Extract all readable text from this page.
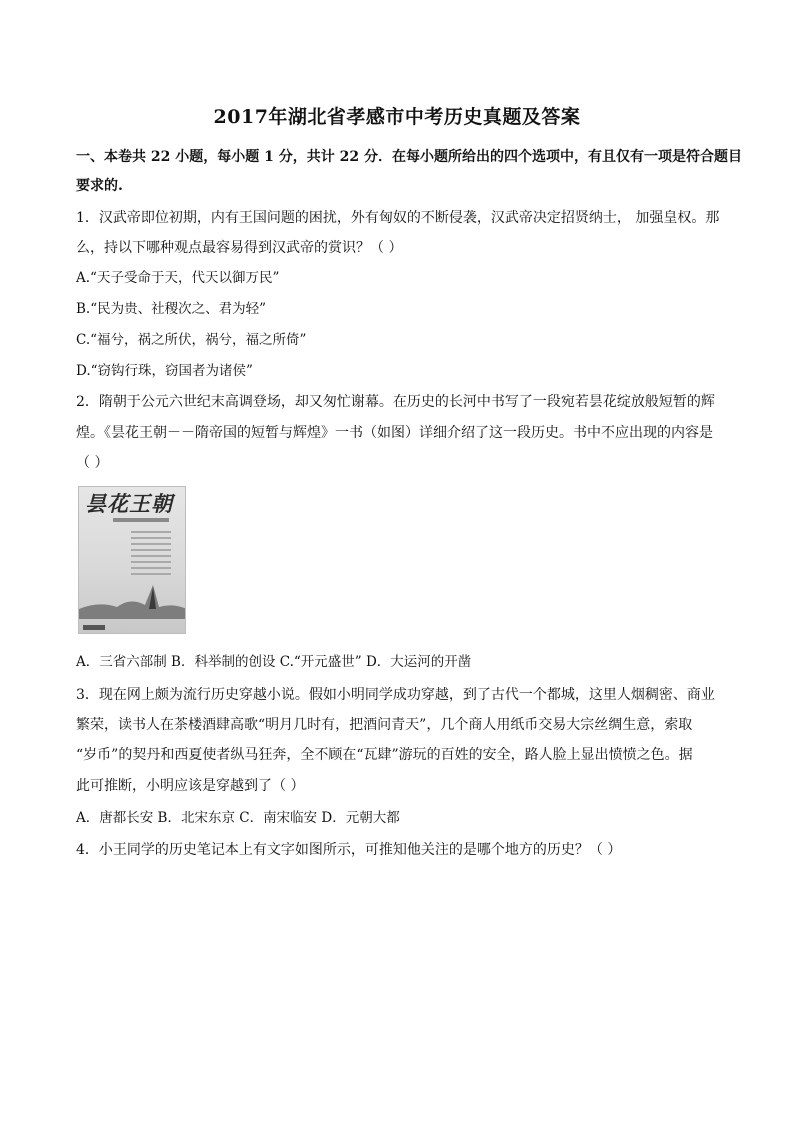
2017年湖北省孝感市中考历史真题及答案
一、本卷共 22 小题，每小题 1 分，共计 22 分．在每小题所给出的四个选项中，有且仅有一项是符合题目
要求的.
1．汉武帝即位初期，内有王国问题的困扰，外有匈奴的不断侵袭，汉武帝决定招贤纳士， 加强皇权。那
么，持以下哪种观点最容易得到汉武帝的赏识？（ ）
A.“天子受命于天，代天以御万民”
B.“民为贵、社稷次之、君为轻”
C.“福兮，祸之所伏，祸兮，福之所倚”
D.“窃钩行珠，窃国者为诸侯”
2．隋朝于公元六世纪末高调登场，却又匆忙谢幕。在历史的长河中书写了一段宛若昙花绽放般短暂的辉
煌。《昙花王朝－－隋帝国的短暂与辉煌》一书（如图）详细介绍了这一段历史。书中不应出现的内容是
（ ）
昙花王朝
A．三省六部制 B．科举制的创设 C.“开元盛世” D．大运河的开凿
3．现在网上颇为流行历史穿越小说。假如小明同学成功穿越，到了古代一个都城，这里人烟稠密、商业
繁荣，读书人在茶楼酒肆高歌“明月几时有，把酒问青天”，几个商人用纸币交易大宗丝绸生意，索取
“岁币”的契丹和西夏使者纵马狂奔，全不顾在“瓦肆”游玩的百姓的安全，路人脸上显出愤愤之色。据
此可推断，小明应该是穿越到了（ ）
A．唐都长安 B．北宋东京 C．南宋临安 D．元朝大都
4．小王同学的历史笔记本上有文字如图所示，可推知他关注的是哪个地方的历史？（ ）
